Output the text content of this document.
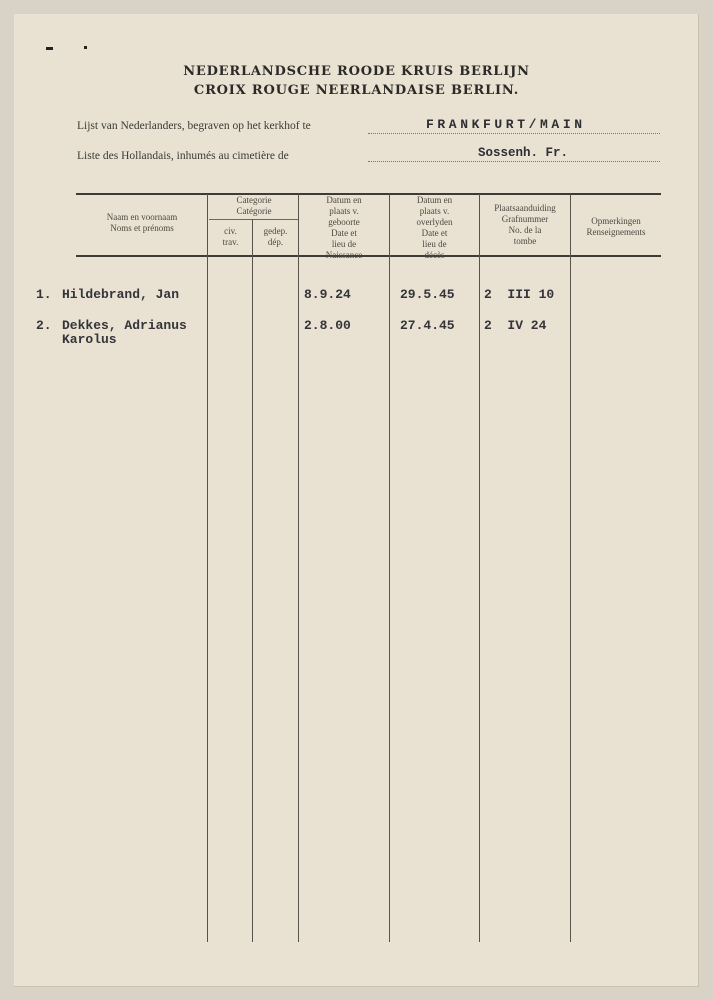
NEDERLANDSCHE ROODE KRUIS BERLIJN
CROIX ROUGE NEERLANDAISE BERLIN.
Lijst van Nederlanders, begraven op het kerkhof te	FRANKFURT/MAIN
Liste des Hollandais, inhumés au cimetière de	Sossenh. Fr.
Naam en voornaam
Noms et prénoms
Categorie
Catégorie
civ.
trav.
gedep.
dép.
Datum en
plaats v.
geboorte
Date et
lieu de
Naissance
Datum en
plaats v.
overlyden
Date et
lieu de
décès
Plaatsaanduiding
Grafnummer
No. de la
tombe
Opmerkingen
Renseignements
1. Hildebrand, Jan	8.9.24	29.5.45 2  III 10
2. Dekkes, Adrianus
Karolus
2.8.00	27.4.45 2  IV 24
